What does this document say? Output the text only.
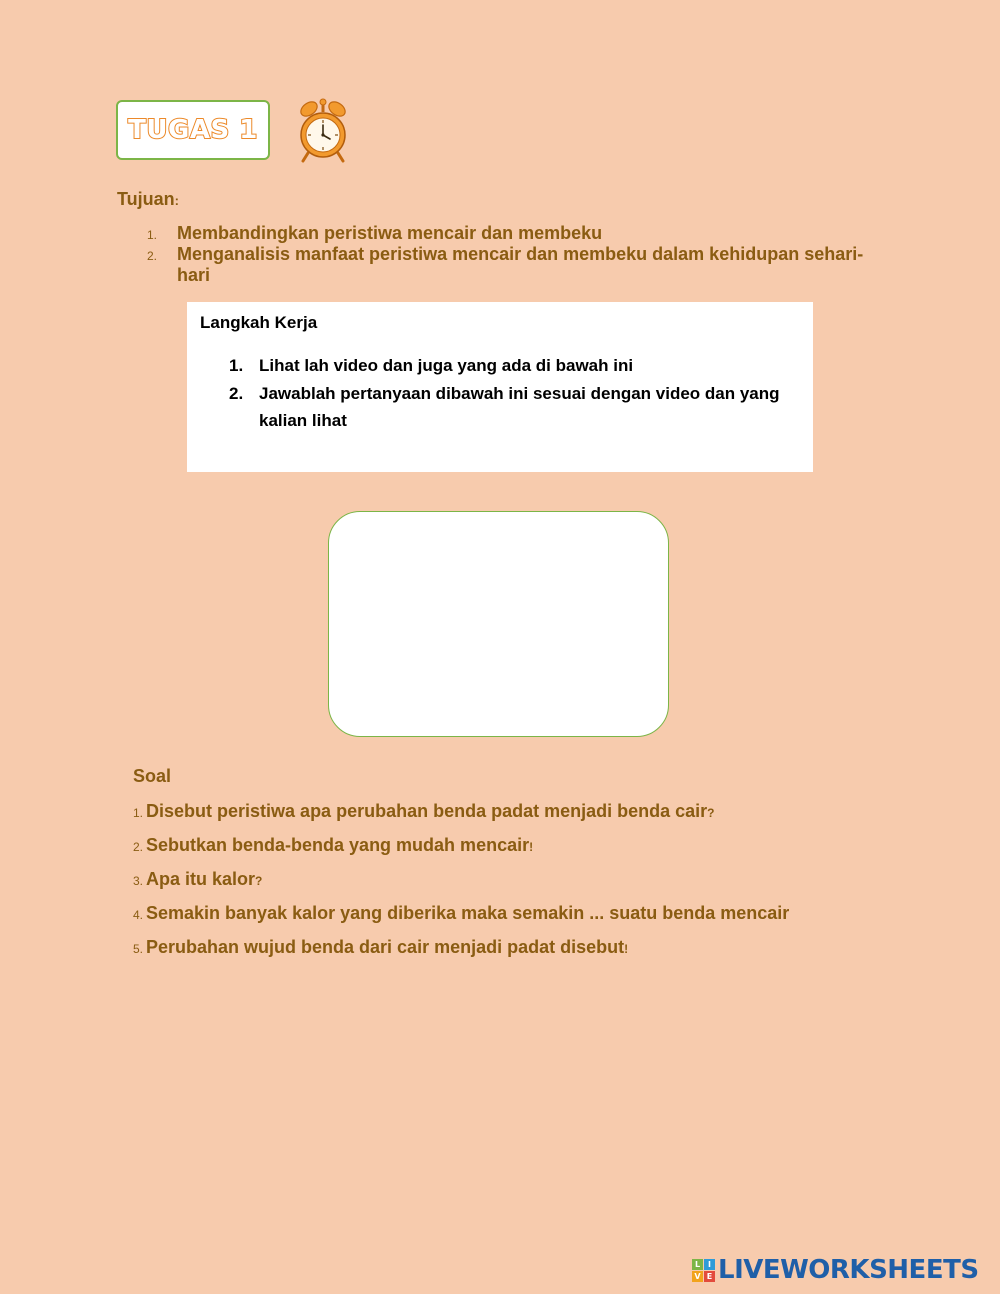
TUGAS 1
Tujuan:
1. Membandingkan peristiwa mencair dan membeku
2. Menganalisis manfaat peristiwa mencair dan membeku dalam kehidupan sehari-hari
Langkah Kerja
1. Lihat lah video dan juga yang ada di bawah ini
2. Jawablah pertanyaan dibawah ini sesuai dengan video dan yang kalian lihat
Soal
1. Disebut peristiwa apa perubahan benda padat menjadi benda cair?
2. Sebutkan benda-benda yang mudah mencair!
3. Apa itu kalor?
4. Semakin banyak kalor yang diberika maka semakin ... suatu benda mencair
5. Perubahan wujud benda dari cair menjadi padat disebut!
L I
V E LIVEWORKSHEETS
